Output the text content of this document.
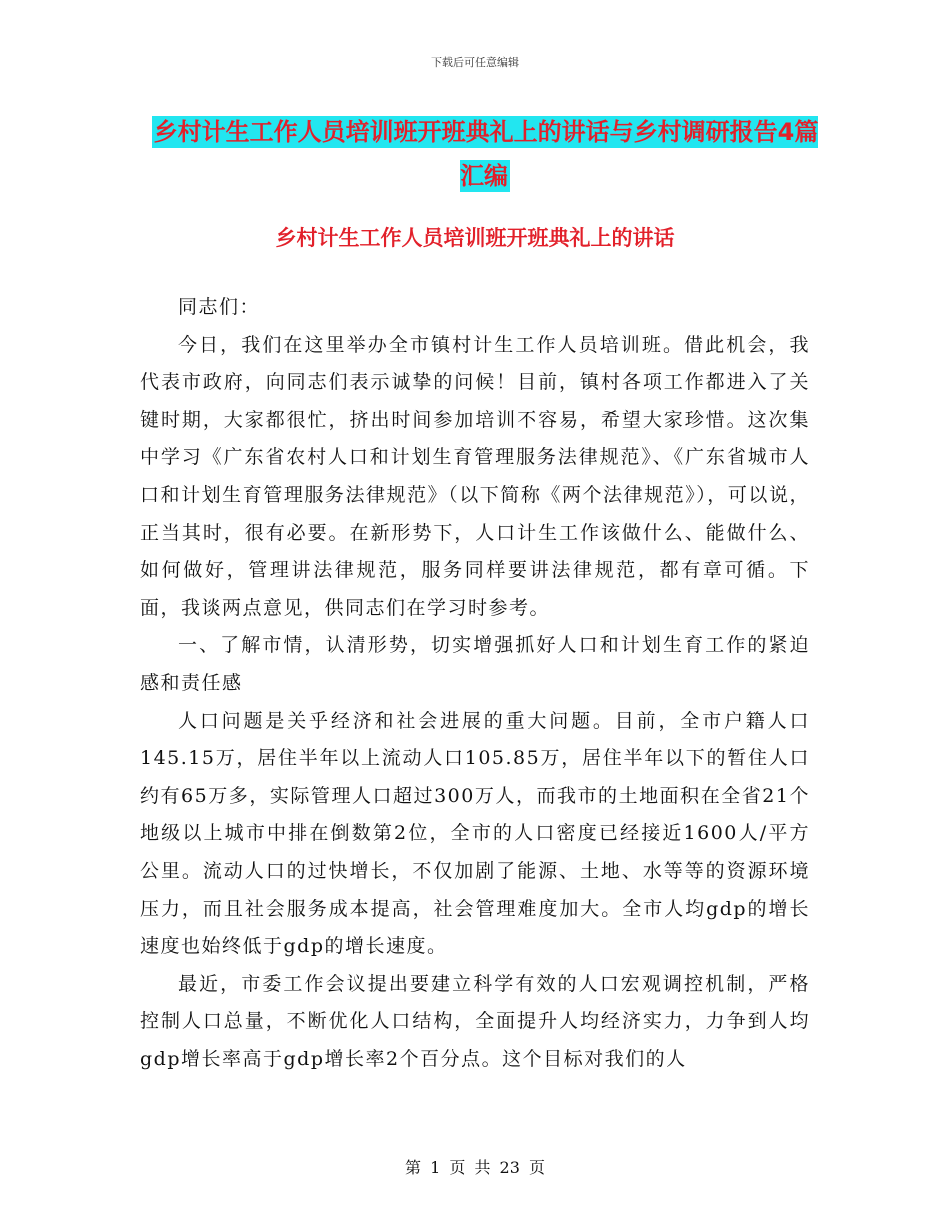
下载后可任意编辑
乡村计生工作人员培训班开班典礼上的讲话与乡村调研报告4篇汇编
乡村计生工作人员培训班开班典礼上的讲话

同志们：

今日，我们在这里举办全市镇村计生工作人员培训班。借此机会，我代表市政府，向同志们表示诚挚的问候！目前，镇村各项工作都进入了关键时期，大家都很忙，挤出时间参加培训不容易，希望大家珍惜。这次集中学习《广东省农村人口和计划生育管理服务法律规范》、《广东省城市人口和计划生育管理服务法律规范》（以下简称《两个法律规范》），可以说，正当其时，很有必要。在新形势下，人口计生工作该做什么、能做什么、如何做好，管理讲法律规范，服务同样要讲法律规范，都有章可循。下面，我谈两点意见，供同志们在学习时参考。

一、了解市情，认清形势，切实增强抓好人口和计划生育工作的紧迫感和责任感

人口问题是关乎经济和社会进展的重大问题。目前，全市户籍人口145.15万，居住半年以上流动人口105.85万，居住半年以下的暂住人口约有65万多，实际管理人口超过300万人，而我市的土地面积在全省21个地级以上城市中排在倒数第2位，全市的人口密度已经接近1600人/平方公里。流动人口的过快增长，不仅加剧了能源、土地、水等等的资源环境压力，而且社会服务成本提高，社会管理难度加大。全市人均gdp的增长速度也始终低于gdp的增长速度。

最近，市委工作会议提出要建立科学有效的人口宏观调控机制，严格控制人口总量，不断优化人口结构，全面提升人均经济实力，力争到人均gdp增长率高于gdp增长率2个百分点。这个目标对我们的人

第 1 页 共 23 页
